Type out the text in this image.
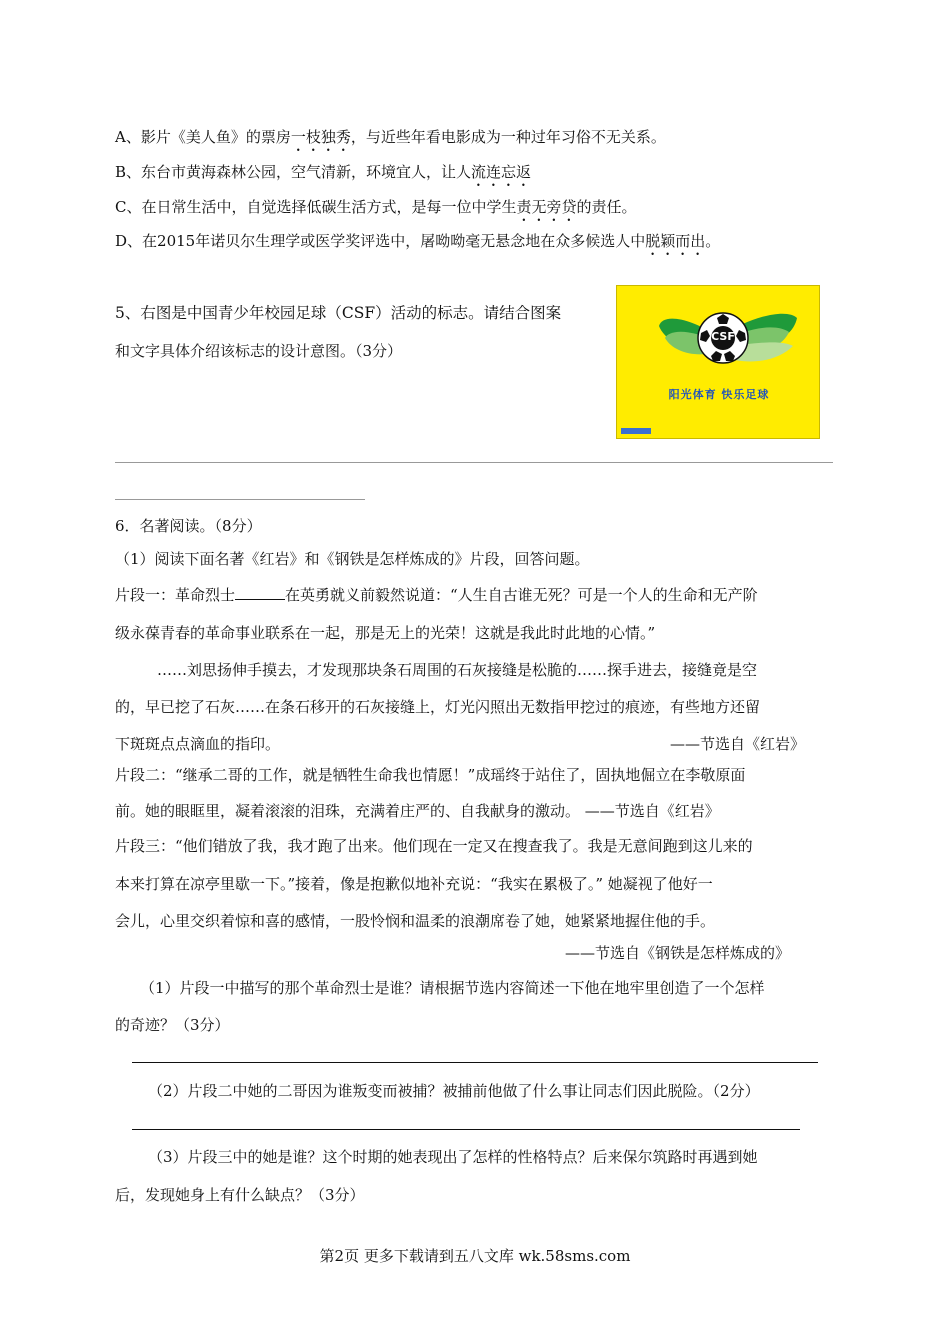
A、影片《美人鱼》的票房一枝独秀，与近些年看电影成为一种过年习俗不无关系。
B、东台市黄海森林公园，空气清新，环境宜人，让人流连忘返
C、在日常生活中，自觉选择低碳生活方式，是每一位中学生责无旁贷的责任。
D、在2015年诺贝尔生理学或医学奖评选中，屠呦呦毫无悬念地在众多候选人中脱颖而出。
5、右图是中国青少年校园足球（CSF）活动的标志。请结合图案
和文字具体介绍该标志的设计意图。（3分）
CSF
阳光体育 快乐足球
6．名著阅读。（8分）
（1）阅读下面名著《红岩》和《钢铁是怎样炼成的》片段，回答问题。
片段一：革命烈士	在英勇就义前毅然说道：“人生自古谁无死？可是一个人的生命和无产阶
级永葆青春的革命事业联系在一起，那是无上的光荣！这就是我此时此地的心情。”
……刘思扬伸手摸去，才发现那块条石周围的石灰接缝是松脆的……探手进去，接缝竟是空
的，早已挖了石灰……在条石移开的石灰接缝上，灯光闪照出无数指甲挖过的痕迹，有些地方还留
下斑斑点点滴血的指印。	——节选自《红岩》
片段二：“继承二哥的工作，就是牺牲生命我也情愿！”成瑶终于站住了，固执地倔立在李敬原面
前。她的眼眶里，凝着滚滚的泪珠，充满着庄严的、自我献身的激动。 ——节选自《红岩》
片段三：“他们错放了我，我才跑了出来。他们现在一定又在搜查我了。我是无意间跑到这儿来的
本来打算在凉亭里歇一下。”接着，像是抱歉似地补充说：“我实在累极了。” 她凝视了他好一
会儿，心里交织着惊和喜的感情，一股怜悯和温柔的浪潮席卷了她，她紧紧地握住他的手。
——节选自《钢铁是怎样炼成的》
（1）片段一中描写的那个革命烈士是谁？请根据节选内容简述一下他在地牢里创造了一个怎样
的奇迹？（3分）
（2）片段二中她的二哥因为谁叛变而被捕？被捕前他做了什么事让同志们因此脱险。（2分）
（3）片段三中的她是谁？这个时期的她表现出了怎样的性格特点？后来保尔筑路时再遇到她
后，发现她身上有什么缺点？（3分）
第2页 更多下载请到五八文库 wk.58sms.com
